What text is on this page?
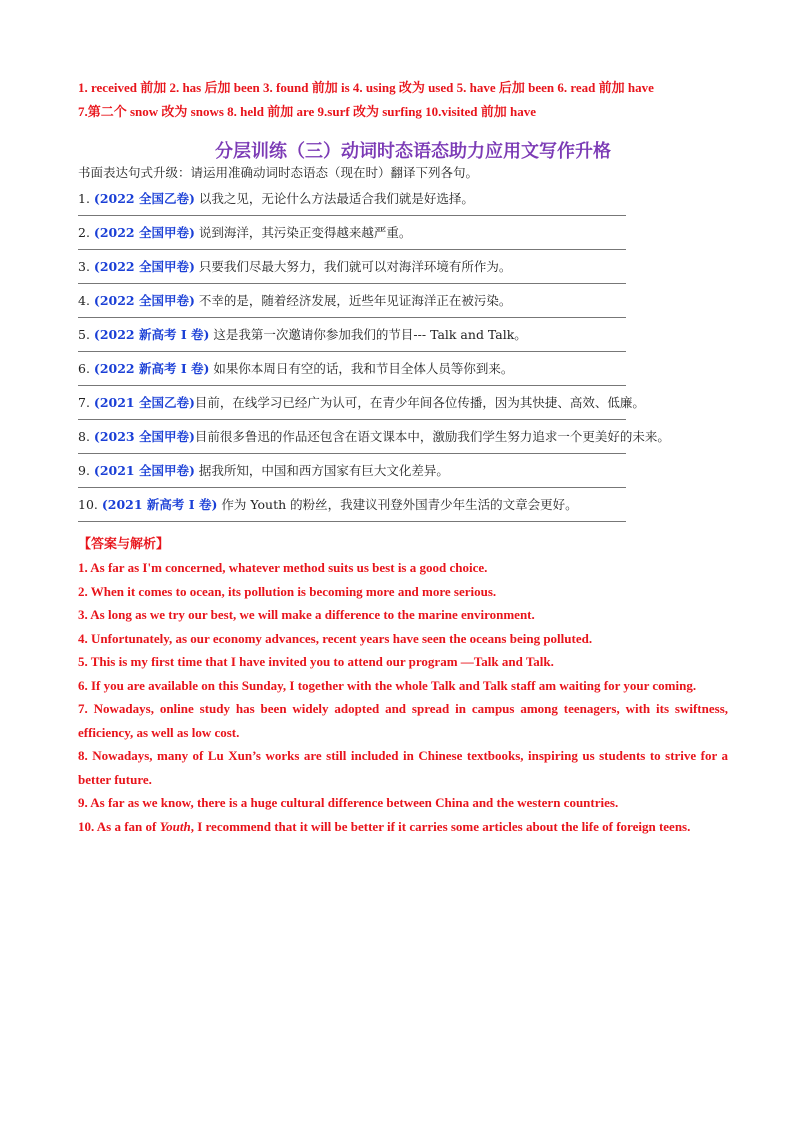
1. received 前加 2. has 后加 been 3. found 前加 is 4. using 改为 used 5. have 后加 been 6. read 前加 have
7.第二个 snow 改为 snows 8. held 前加 are 9.surf 改为 surfing 10.visited 前加 have
分层训练（三）动词时态语态助力应用文写作升格
书面表达句式升级：请运用准确动词时态语态（现在时）翻译下列各句。
1. (2022 全国乙卷) 以我之见，无论什么方法最适合我们就是好选择。
2. (2022 全国甲卷) 说到海洋，其污染正变得越来越严重。
3. (2022 全国甲卷) 只要我们尽最大努力，我们就可以对海洋环境有所作为。
4. (2022 全国甲卷) 不幸的是，随着经济发展，近些年见证海洋正在被污染。
5. (2022 新高考 I 卷) 这是我第一次邀请你参加我们的节目--- Talk and Talk。
6. (2022 新高考 I 卷) 如果你本周日有空的话，我和节目全体人员等你到来。
7. (2021 全国乙卷)目前，在线学习已经广为认可，在青少年间各位传播，因为其快捷、高效、低廉。
8. (2023 全国甲卷)目前很多鲁迅的作品还包含在语文课本中，激励我们学生努力追求一个更美好的未来。
9. (2021 全国甲卷) 据我所知，中国和西方国家有巨大文化差异。
10. (2021 新高考 I 卷) 作为 Youth 的粉丝，我建议刊登外国青少年生活的文章会更好。
【答案与解析】
1. As far as I'm concerned, whatever method suits us best is a good choice.
2. When it comes to ocean, its pollution is becoming more and more serious.
3. As long as we try our best, we will make a difference to the marine environment.
4. Unfortunately, as our economy advances, recent years have seen the oceans being polluted.
5. This is my first time that I have invited you to attend our program —Talk and Talk.
6. If you are available on this Sunday, I together with the whole Talk and Talk staff am waiting for your coming.
7. Nowadays, online study has been widely adopted and spread in campus among teenagers, with its swiftness, efficiency, as well as low cost.
8. Nowadays, many of Lu Xun’s works are still included in Chinese textbooks, inspiring us students to strive for a better future.
9. As far as we know, there is a huge cultural difference between China and the western countries.
10. As a fan of Youth, I recommend that it will be better if it carries some articles about the life of foreign teens.
